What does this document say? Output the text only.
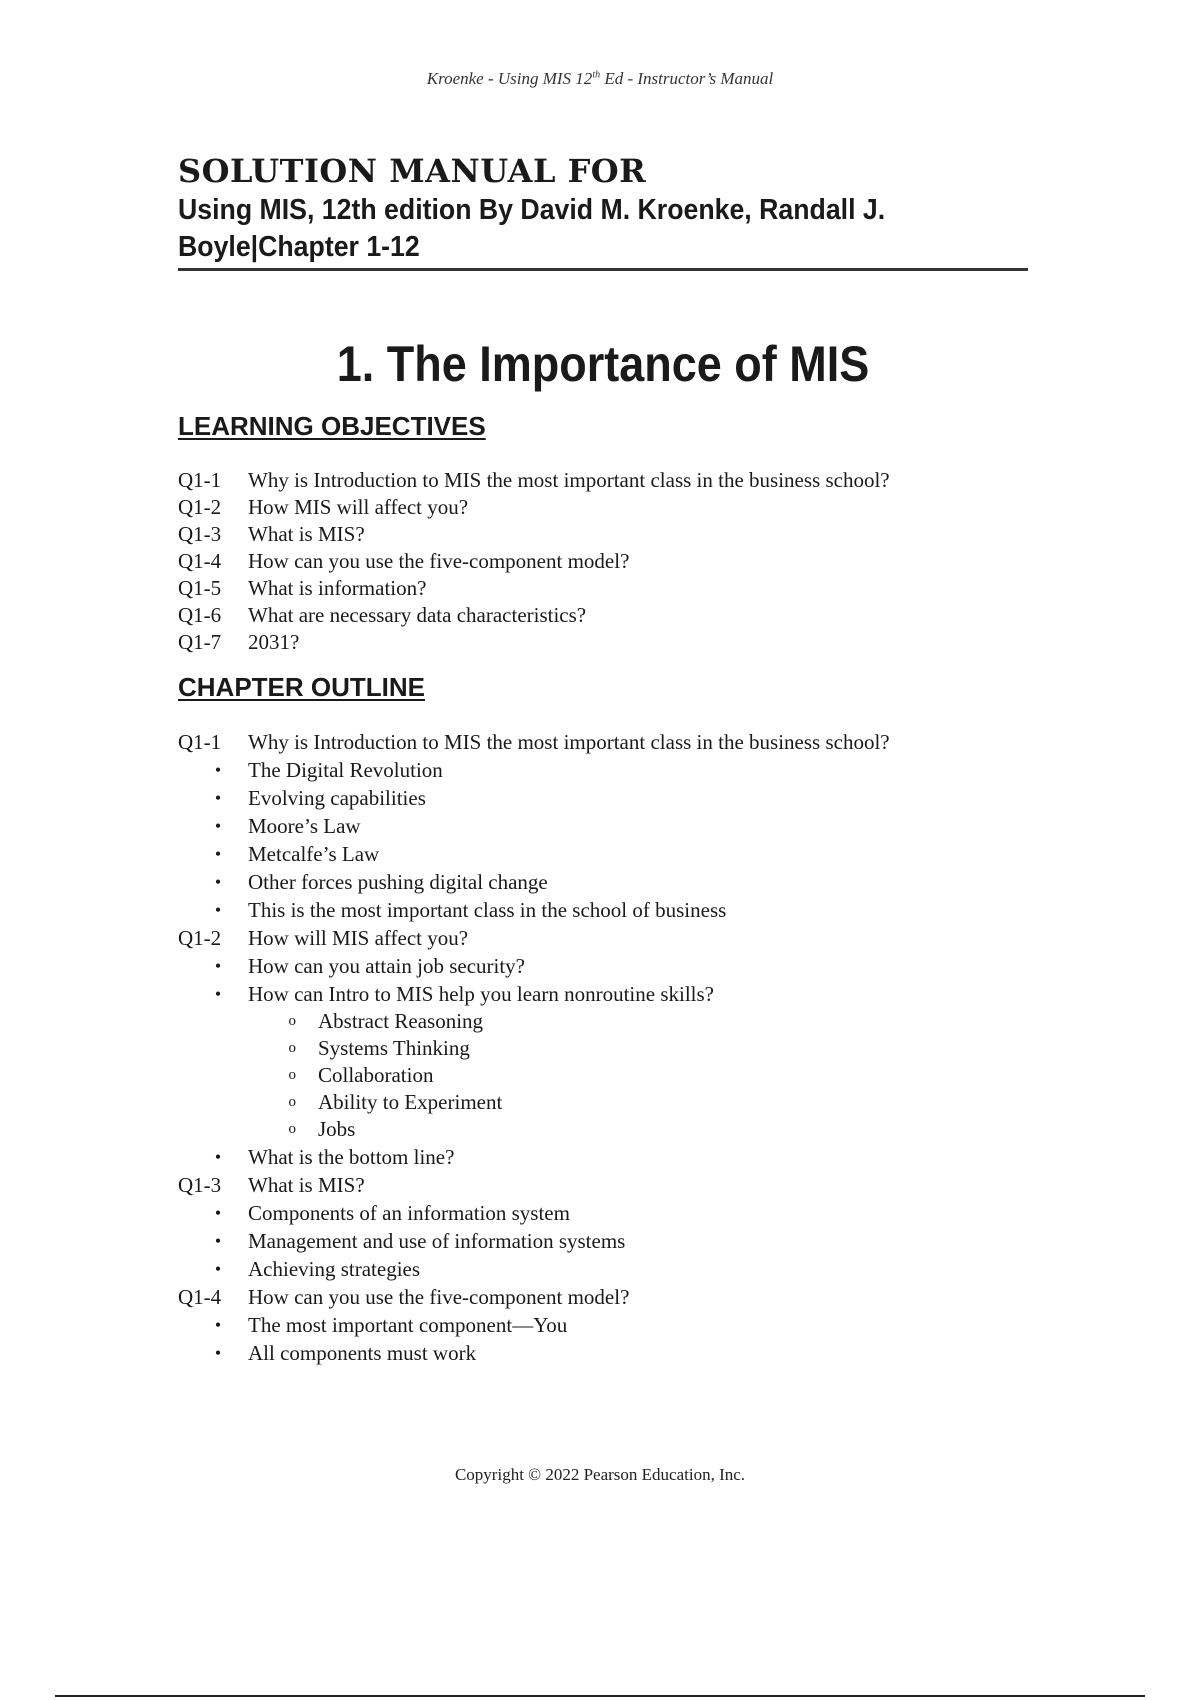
Kroenke - Using MIS 12th Ed - Instructor’s Manual
SOLUTION MANUAL FOR
Using MIS, 12th edition By David M. Kroenke, Randall J.
Boyle|Chapter 1-12
1. The Importance of MIS
LEARNING OBJECTIVES
Q1-1	Why is Introduction to MIS the most important class in the business school?
Q1-2	How MIS will affect you?
Q1-3	What is MIS?
Q1-4	How can you use the five-component model?
Q1-5	What is information?
Q1-6	What are necessary data characteristics?
Q1-7	2031?
CHAPTER OUTLINE
Q1-1	Why is Introduction to MIS the most important class in the business school?
•	The Digital Revolution
•	Evolving capabilities
•	Moore’s Law
•	Metcalfe’s Law
•	Other forces pushing digital change
•	This is the most important class in the school of business
Q1-2	How will MIS affect you?
•	How can you attain job security?
•	How can Intro to MIS help you learn nonroutine skills?
o	Abstract Reasoning
o	Systems Thinking
o	Collaboration
o	Ability to Experiment
o	Jobs
•	What is the bottom line?
Q1-3	What is MIS?
•	Components of an information system
•	Management and use of information systems
•	Achieving strategies
Q1-4	How can you use the five-component model?
•	The most important component—You
•	All components must work
Copyright © 2022 Pearson Education, Inc.
